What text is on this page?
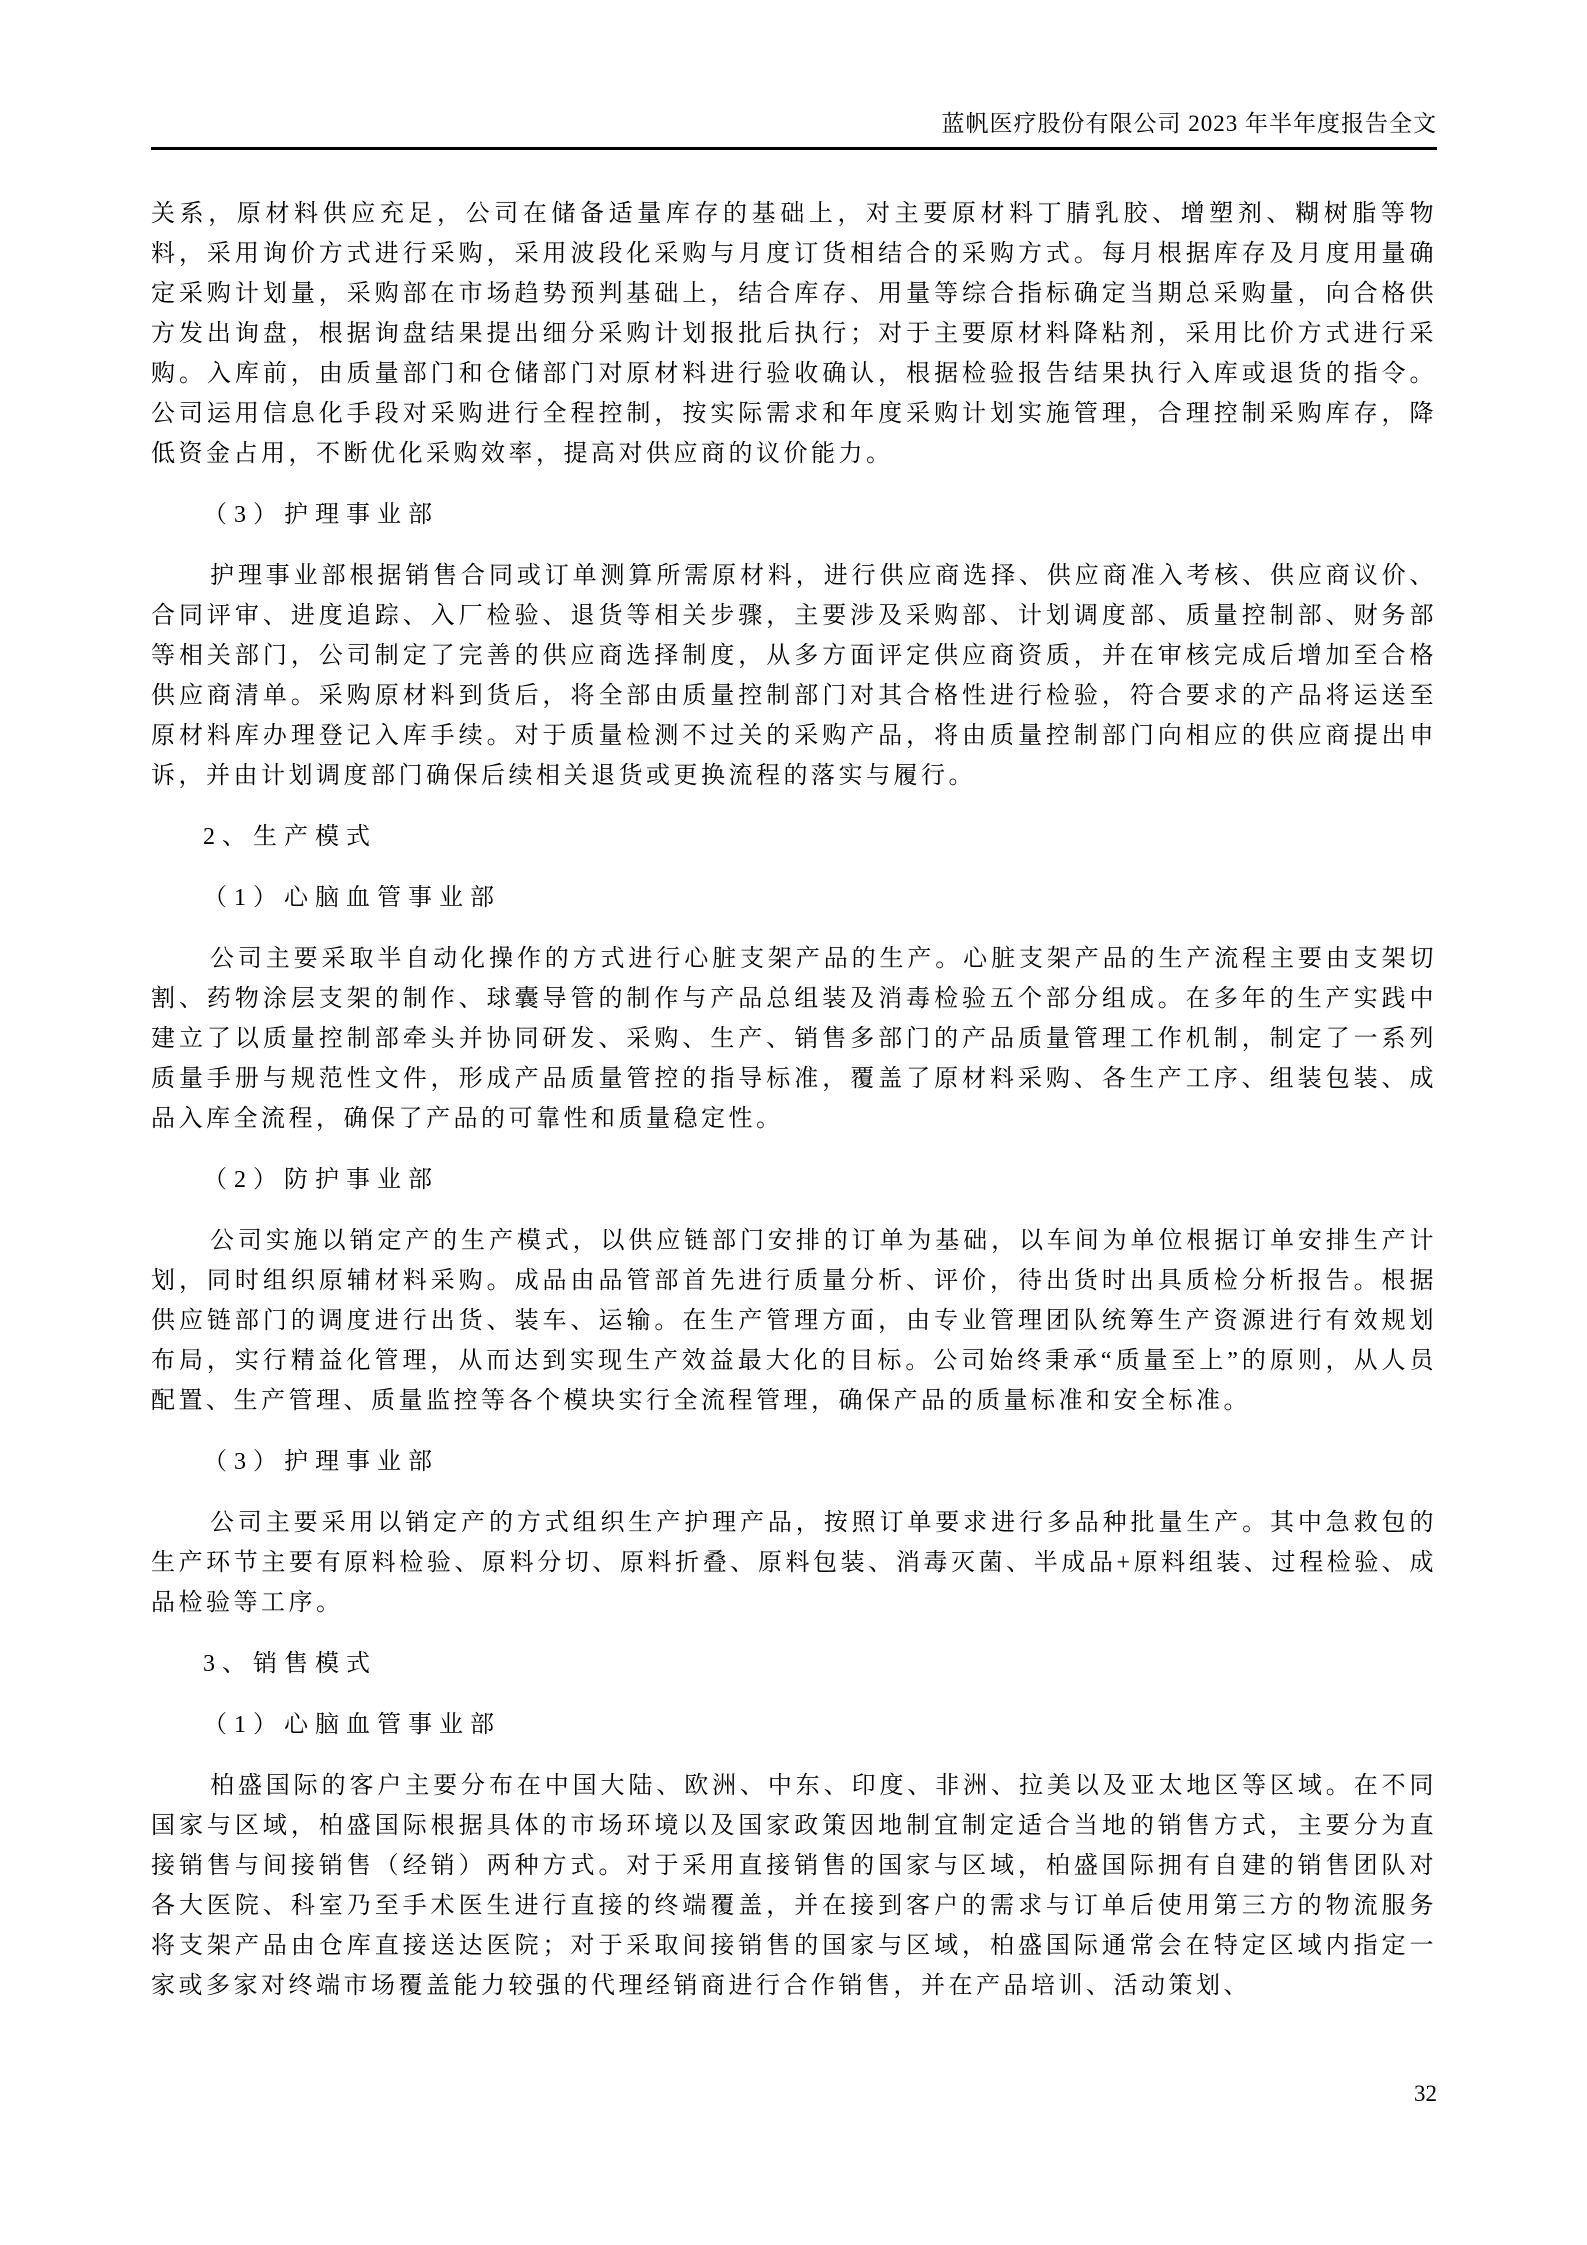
蓝帆医疗股份有限公司 2023 年半年度报告全文
关系，原材料供应充足，公司在储备适量库存的基础上，对主要原材料丁腈乳胶、增塑剂、糊树脂等物料，采用询价方式进行采购，采用波段化采购与月度订货相结合的采购方式。每月根据库存及月度用量确定采购计划量，采购部在市场趋势预判基础上，结合库存、用量等综合指标确定当期总采购量，向合格供方发出询盘，根据询盘结果提出细分采购计划报批后执行；对于主要原材料降粘剂，采用比价方式进行采购。入库前，由质量部门和仓储部门对原材料进行验收确认，根据检验报告结果执行入库或退货的指令。公司运用信息化手段对采购进行全程控制，按实际需求和年度采购计划实施管理，合理控制采购库存，降低资金占用，不断优化采购效率，提高对供应商的议价能力。
（3）护理事业部
护理事业部根据销售合同或订单测算所需原材料，进行供应商选择、供应商准入考核、供应商议价、合同评审、进度追踪、入厂检验、退货等相关步骤，主要涉及采购部、计划调度部、质量控制部、财务部等相关部门，公司制定了完善的供应商选择制度，从多方面评定供应商资质，并在审核完成后增加至合格供应商清单。采购原材料到货后，将全部由质量控制部门对其合格性进行检验，符合要求的产品将运送至原材料库办理登记入库手续。对于质量检测不过关的采购产品，将由质量控制部门向相应的供应商提出申诉，并由计划调度部门确保后续相关退货或更换流程的落实与履行。
2、生产模式
（1）心脑血管事业部
公司主要采取半自动化操作的方式进行心脏支架产品的生产。心脏支架产品的生产流程主要由支架切割、药物涂层支架的制作、球囊导管的制作与产品总组装及消毒检验五个部分组成。在多年的生产实践中建立了以质量控制部牵头并协同研发、采购、生产、销售多部门的产品质量管理工作机制，制定了一系列质量手册与规范性文件，形成产品质量管控的指导标准，覆盖了原材料采购、各生产工序、组装包装、成品入库全流程，确保了产品的可靠性和质量稳定性。
（2）防护事业部
公司实施以销定产的生产模式，以供应链部门安排的订单为基础，以车间为单位根据订单安排生产计划，同时组织原辅材料采购。成品由品管部首先进行质量分析、评价，待出货时出具质检分析报告。根据供应链部门的调度进行出货、装车、运输。在生产管理方面，由专业管理团队统筹生产资源进行有效规划布局，实行精益化管理，从而达到实现生产效益最大化的目标。公司始终秉承“质量至上”的原则，从人员配置、生产管理、质量监控等各个模块实行全流程管理，确保产品的质量标准和安全标准。
（3）护理事业部
公司主要采用以销定产的方式组织生产护理产品，按照订单要求进行多品种批量生产。其中急救包的生产环节主要有原料检验、原料分切、原料折叠、原料包装、消毒灭菌、半成品+原料组装、过程检验、成品检验等工序。
3、销售模式
（1）心脑血管事业部
柏盛国际的客户主要分布在中国大陆、欧洲、中东、印度、非洲、拉美以及亚太地区等区域。在不同国家与区域，柏盛国际根据具体的市场环境以及国家政策因地制宜制定适合当地的销售方式，主要分为直接销售与间接销售（经销）两种方式。对于采用直接销售的国家与区域，柏盛国际拥有自建的销售团队对各大医院、科室乃至手术医生进行直接的终端覆盖，并在接到客户的需求与订单后使用第三方的物流服务将支架产品由仓库直接送达医院；对于采取间接销售的国家与区域，柏盛国际通常会在特定区域内指定一家或多家对终端市场覆盖能力较强的代理经销商进行合作销售，并在产品培训、活动策划、
32
